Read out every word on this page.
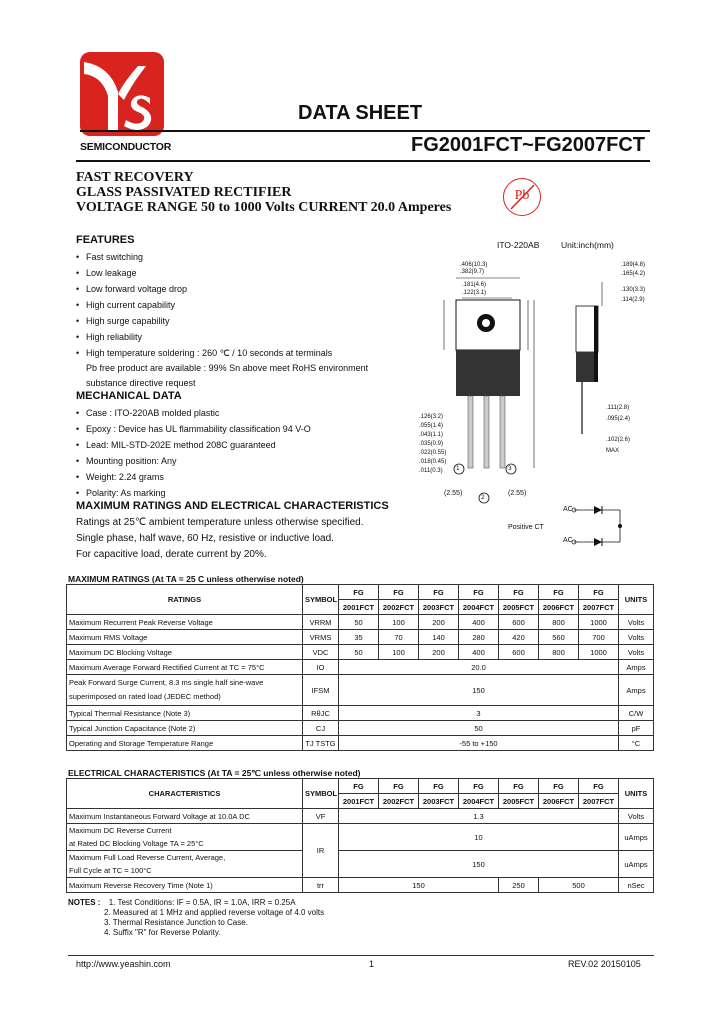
SEMICONDUCTOR
DATA SHEET
FG2001FCT~FG2007FCT
FAST RECOVERY
GLASS PASSIVATED RECTIFIER
VOLTAGE RANGE 50 to 1000 Volts CURRENT 20.0 Amperes
Pb
FEATURES
• Fast switching
• Low leakage
• Low forward voltage drop
• High current capability
• High surge capability
• High reliability
• High temperature soldering : 260 ℃ / 10 seconds at terminals
Pb free product are available : 99% Sn above meet RoHS environment
substance directive request
MECHANICAL DATA
• Case : ITO-220AB molded plastic
• Epoxy : Device has UL flammability classification 94 V-O
• Lead: MIL-STD-202E method 208C guaranteed
• Mounting position: Any
• Weight: 2.24 grams
• Polarity: As marking
MAXIMUM RATINGS AND ELECTRICAL CHARACTERISTICS
Ratings at 25℃ ambient temperature unless otherwise specified.
Single phase, half wave, 60 Hz, resistive or inductive load.
For capacitive load, derate current by 20%.
ITO-220AB	Unit:inch(mm)
.406(10.3)
.382(9.7)
.181(4.6)
.122(3.1)
.126(3.2)
.055(1.4)
.043(1.1)
.035(0.9)
.022(0.55)
.018(0.45)
.011(0.3)
.189(4.8)
.165(4.2)
.130(3.3)
.114(2.9)
.111(2.8)
.095(2.4)
.102(2.6)
MAX
(2.55)	(2.55)
1
2
3
AC
AC
Positive CT
MAXIMUM RATINGS (At TA = 25 C unless otherwise noted)
RATINGS	SYMBOL	FG	FG	FG	FG	FG	FG	FG	UNITS
		2001FCT	2002FCT	2003FCT	2004FCT	2005FCT	2006FCT	2007FCT	
Maximum Recurrent Peak Reverse Voltage	VRRM	50	100	200	400	600	800	1000	Volts
Maximum RMS Voltage	VRMS	35	70	140	280	420	560	700	Volts
Maximum DC Blocking Voltage	VDC	50	100	200	400	600	800	1000	Volts
Maximum Average Forward Rectified Current at TC = 75°C	IO	20.0							Amps
Peak Forward Surge Current, 8.3 ms single half sine-wave
superimposed on rated load (JEDEC method)	IFSM	150							Amps
Typical Thermal Resistance (Note 3)	RθJC	3							C/W
Typical Junction Capacitance (Note 2)	CJ	50							pF
Operating and Storage Temperature Range	TJ TSTG	-55 to +150							°C
ELECTRICAL CHARACTERISTICS (At TA = 25℃ unless otherwise noted)
CHARACTERISTICS	SYMBOL	FG	FG	FG	FG	FG	FG	FG	UNITS
		2001FCT	2002FCT	2003FCT	2004FCT	2005FCT	2006FCT	2007FCT	
Maximum Instantaneous Forward Voltage at 10.0A DC	VF	1.3							Volts
Maximum DC Reverse Current
at Rated DC Blocking Voltage TA = 25°C	IR	10							uAmps
Maximum Full Load Reverse Current, Average,
Full Cycle at TC = 100°C		150							uAmps
Maximum Reverse Recovery Time (Note 1)	trr	150				250	500		nSec
NOTES : 1. Test Conditions: IF = 0.5A, IR = 1.0A, IRR = 0.25A
2. Measured at 1 MHz and applied reverse voltage of 4.0 volts
3. Thermal Resistance Junction to Case.
4. Suffix "R" for Reverse Polarity.
http://www.yeashin.com	1	REV.02 20150105
